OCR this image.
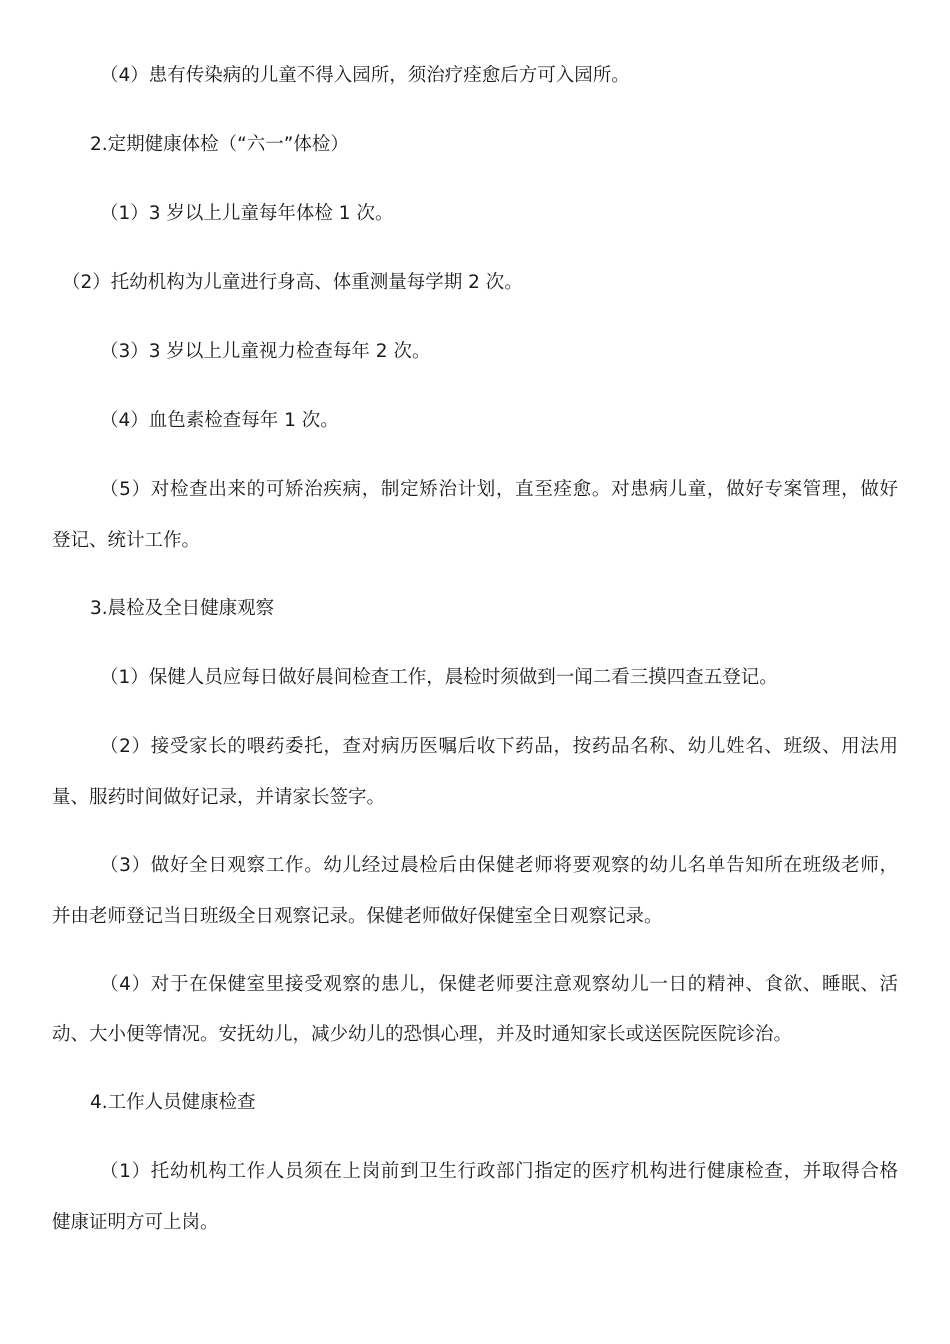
（4）患有传染病的儿童不得入园所，须治疗痊愈后方可入园所。
2.定期健康体检（“六一”体检）
（1）3 岁以上儿童每年体检 1 次。
（2）托幼机构为儿童进行身高、体重测量每学期 2 次。
（3）3 岁以上儿童视力检查每年 2 次。
（4）血色素检查每年 1 次。
（5）对检查出来的可矫治疾病，制定矫治计划，直至痊愈。对患病儿童，做好专案管理，做好
登记、统计工作。
3.晨检及全日健康观察
（1）保健人员应每日做好晨间检查工作，晨检时须做到一闻二看三摸四查五登记。
（2）接受家长的喂药委托，查对病历医嘱后收下药品，按药品名称、幼儿姓名、班级、用法用
量、服药时间做好记录，并请家长签字。
（3）做好全日观察工作。幼儿经过晨检后由保健老师将要观察的幼儿名单告知所在班级老师，
并由老师登记当日班级全日观察记录。保健老师做好保健室全日观察记录。
（4）对于在保健室里接受观察的患儿，保健老师要注意观察幼儿一日的精神、食欲、睡眠、活
动、大小便等情况。安抚幼儿，减少幼儿的恐惧心理，并及时通知家长或送医院医院诊治。
4.工作人员健康检查
（1）托幼机构工作人员须在上岗前到卫生行政部门指定的医疗机构进行健康检查，并取得合格
健康证明方可上岗。
